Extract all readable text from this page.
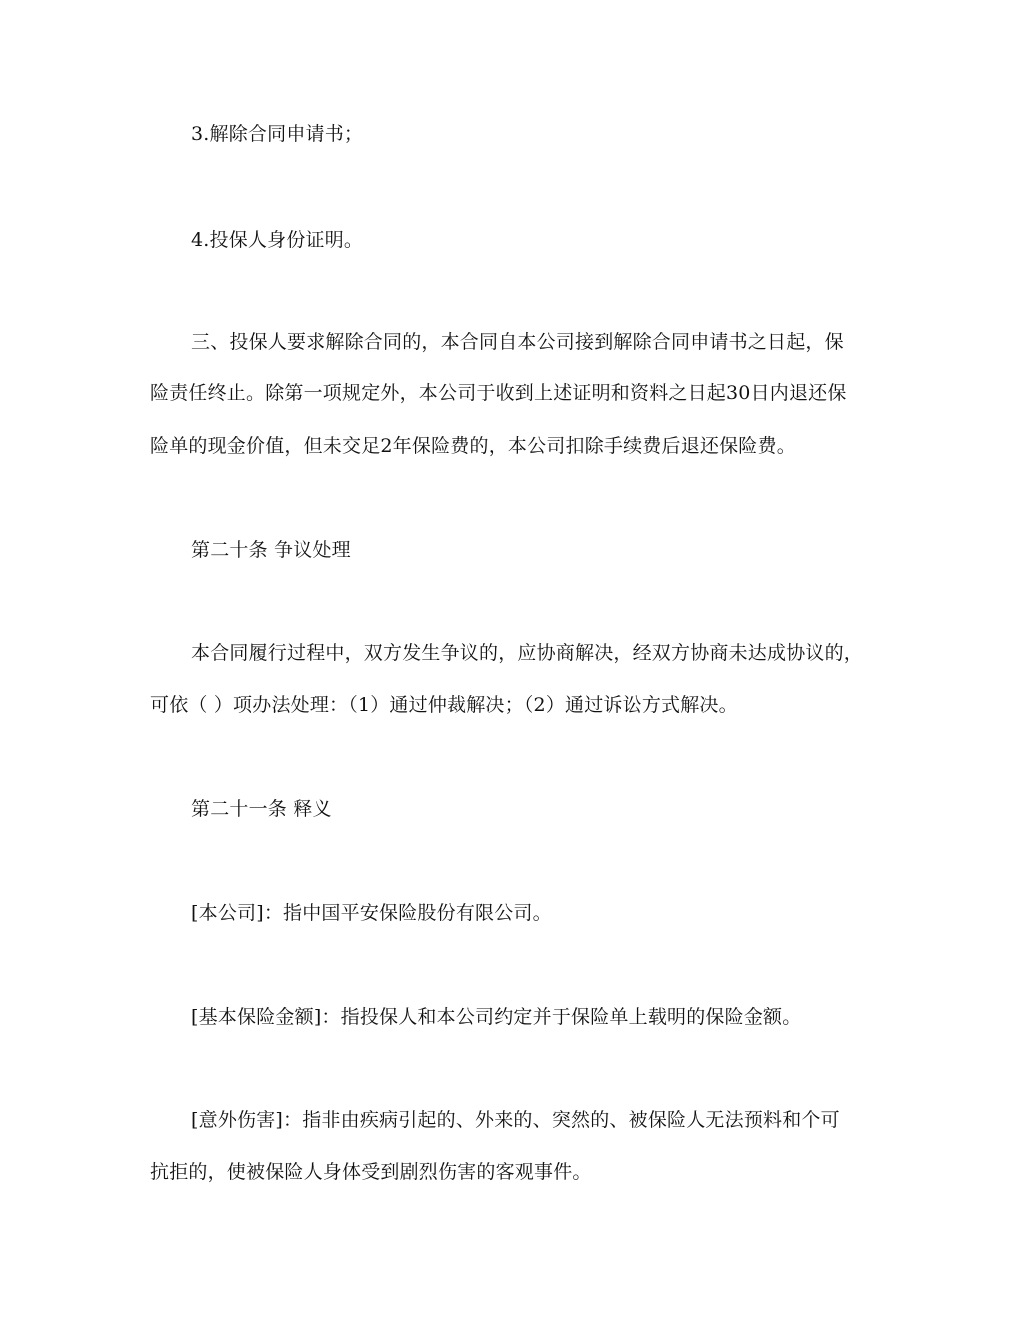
3.解除合同申请书；
4.投保人身份证明。
三、投保人要求解除合同的，本合同自本公司接到解除合同申请书之日起，保
险责任终止。除第一项规定外，本公司于收到上述证明和资料之日起30日内退还保
险单的现金价值，但未交足2年保险费的，本公司扣除手续费后退还保险费。
第二十条 争议处理
本合同履行过程中，双方发生争议的，应协商解决，经双方协商未达成协议的，
可依（ ）项办法处理：（1）通过仲裁解决；（2）通过诉讼方式解决。
第二十一条 释义
[本公司]：指中国平安保险股份有限公司。
[基本保险金额]：指投保人和本公司约定并于保险单上载明的保险金额。
[意外伤害]：指非由疾病引起的、外来的、突然的、被保险人无法预料和个可
抗拒的，使被保险人身体受到剧烈伤害的客观事件。
